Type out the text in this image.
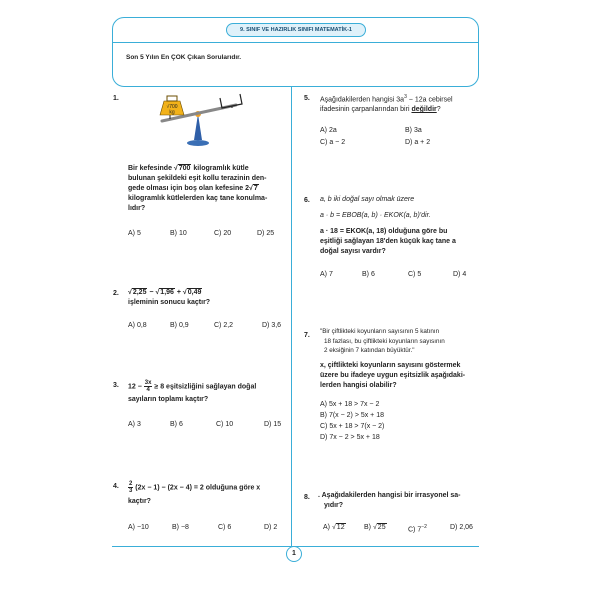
9. SINIF VE HAZIRLIK SINIFI MATEMATİK-1
Son 5 Yılın En ÇOK Çıkan Sorularıdır.
1
1.
√700
kg
Bir kefesinde √700 kilogramlık kütle
bulunan şekildeki eşit kollu terazinin den-
gede olması için boş olan kefesine 2√7
kilogramlık kütlelerden kaç tane konulma-
lıdır?
A) 5	B) 10	C) 20	D) 25
2. √2,25 − √1,96 + √0,49
işleminin sonucu kaçtır?
A) 0,8	B) 0,9	C) 2,2	D) 3,6
3. $12 - \frac{3x}{4} \ge 8$ eşitsizliğini sağlayan doğal
sayıların toplamı kaçtır?
A) 3	B) 6	C) 10	D) 15
4. $\frac{2}{3} (2x - 1) - (2x - 4) = 2$ olduğuna göre x
kaçtır?
A) −10	B) −8	C) 6	D) 2
5. Aşağıdakilerden hangisi $3a^3 - 12a$ cebirsel
ifadesinin çarpanlarından biri değildir?
A) 2a	B) 3a
C) a − 2	D) a + 2
6. a, b iki doğal sayı olmak üzere
a · b = EBOB(a, b) · EKOK(a, b)'dir.
a · 18 = EKOK(a, 18) olduğuna göre bu
eşitliği sağlayan 18'den küçük kaç tane a
doğal sayısı vardır?
A) 7	B) 6	C) 5	D) 4
7.
"Bir çiftlikteki koyunların sayısının 5 katının
18 fazlası, bu çiftlikteki koyunların sayısının
2 eksiğinin 7 katından büyüktür."
x, çiftlikteki koyunların sayısını göstermek
üzere bu ifadeye uygun eşitsizlik aşağıdaki-
lerden hangisi olabilir?
A) 5x + 18 > 7x − 2
B) 7(x − 2) > 5x + 18
C) 5x + 18 > 7(x − 2)
D) 7x − 2 > 5x + 18
8. . Aşağıdakilerden hangisi bir irrasyonel sa-
yıdır?
A) √12	B) √25	C) $7^{-2}$	D) 2,06
